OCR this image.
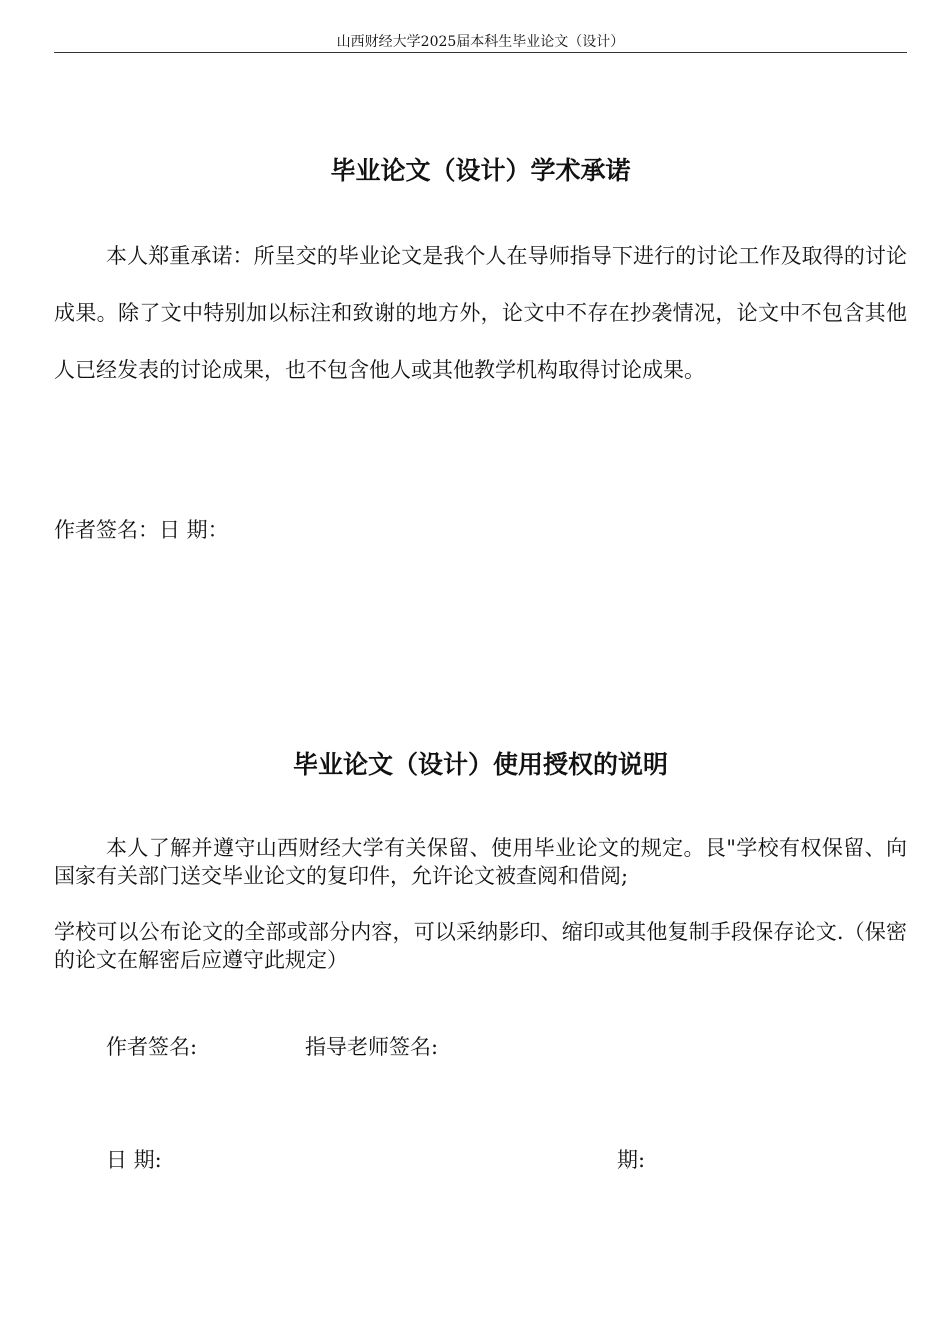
山西财经大学2025届本科生毕业论文（设计）
毕业论文（设计）学术承诺
本人郑重承诺：所呈交的毕业论文是我个人在导师指导下进行的讨论工作及取得的讨论成果。除了文中特别加以标注和致谢的地方外，论文中不存在抄袭情况，论文中不包含其他人已经发表的讨论成果，也不包含他人或其他教学机构取得讨论成果。
作者签名：日 期：
毕业论文（设计）使用授权的说明
本人了解并遵守山西财经大学有关保留、使用毕业论文的规定。艮"学校有权保留、向国家有关部门送交毕业论文的复印件，允许论文被查阅和借阅;
学校可以公布论文的全部或部分内容，可以采纳影印、缩印或其他复制手段保存论文.（保密的论文在解密后应遵守此规定）
作者签名:	指导老师签名:
日 期:	期:
